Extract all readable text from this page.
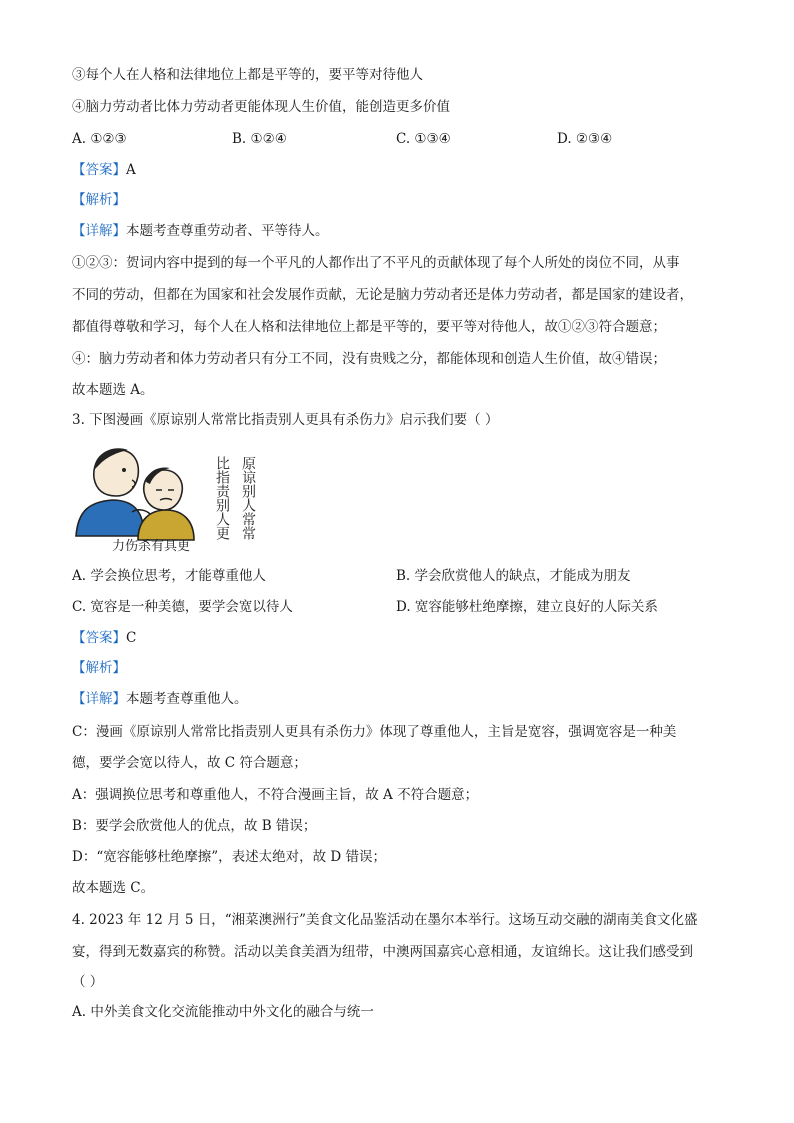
③每个人在人格和法律地位上都是平等的，要平等对待他人
④脑力劳动者比体力劳动者更能体现人生价值，能创造更多价值
A. ①②③	B. ①②④	C. ①③④	D. ②③④
【答案】A
【解析】
【详解】本题考查尊重劳动者、平等待人。
①②③：贺词内容中提到的每一个平凡的人都作出了不平凡的贡献体现了每个人所处的岗位不同，从事
不同的劳动，但都在为国家和社会发展作贡献，无论是脑力劳动者还是体力劳动者，都是国家的建设者，
都值得尊敬和学习，每个人在人格和法律地位上都是平等的，要平等对待他人，故①②③符合题意；
④：脑力劳动者和体力劳动者只有分工不同，没有贵贱之分，都能体现和创造人生价值，故④错误；
故本题选 A。
3. 下图漫画《原谅别人常常比指责别人更具有杀伤力》启示我们要（ ）
比指责别人更 原谅别人常常
力伤杀有具更
A. 学会换位思考，才能尊重他人	B. 学会欣赏他人的缺点，才能成为朋友
C. 宽容是一种美德，要学会宽以待人	D. 宽容能够杜绝摩擦，建立良好的人际关系
【答案】C
【解析】
【详解】本题考查尊重他人。
C：漫画《原谅别人常常比指责别人更具有杀伤力》体现了尊重他人，主旨是宽容，强调宽容是一种美
德，要学会宽以待人，故 C 符合题意；
A：强调换位思考和尊重他人，不符合漫画主旨，故 A 不符合题意；
B：要学会欣赏他人的优点，故 B 错误；
D：“宽容能够杜绝摩擦”，表述太绝对，故 D 错误；
故本题选 C。
4. 2023 年 12 月 5 日，“湘菜澳洲行”美食文化品鉴活动在墨尔本举行。这场互动交融的湖南美食文化盛
宴，得到无数嘉宾的称赞。活动以美食美酒为纽带，中澳两国嘉宾心意相通，友谊绵长。这让我们感受到
（ ）
A. 中外美食文化交流能推动中外文化的融合与统一
